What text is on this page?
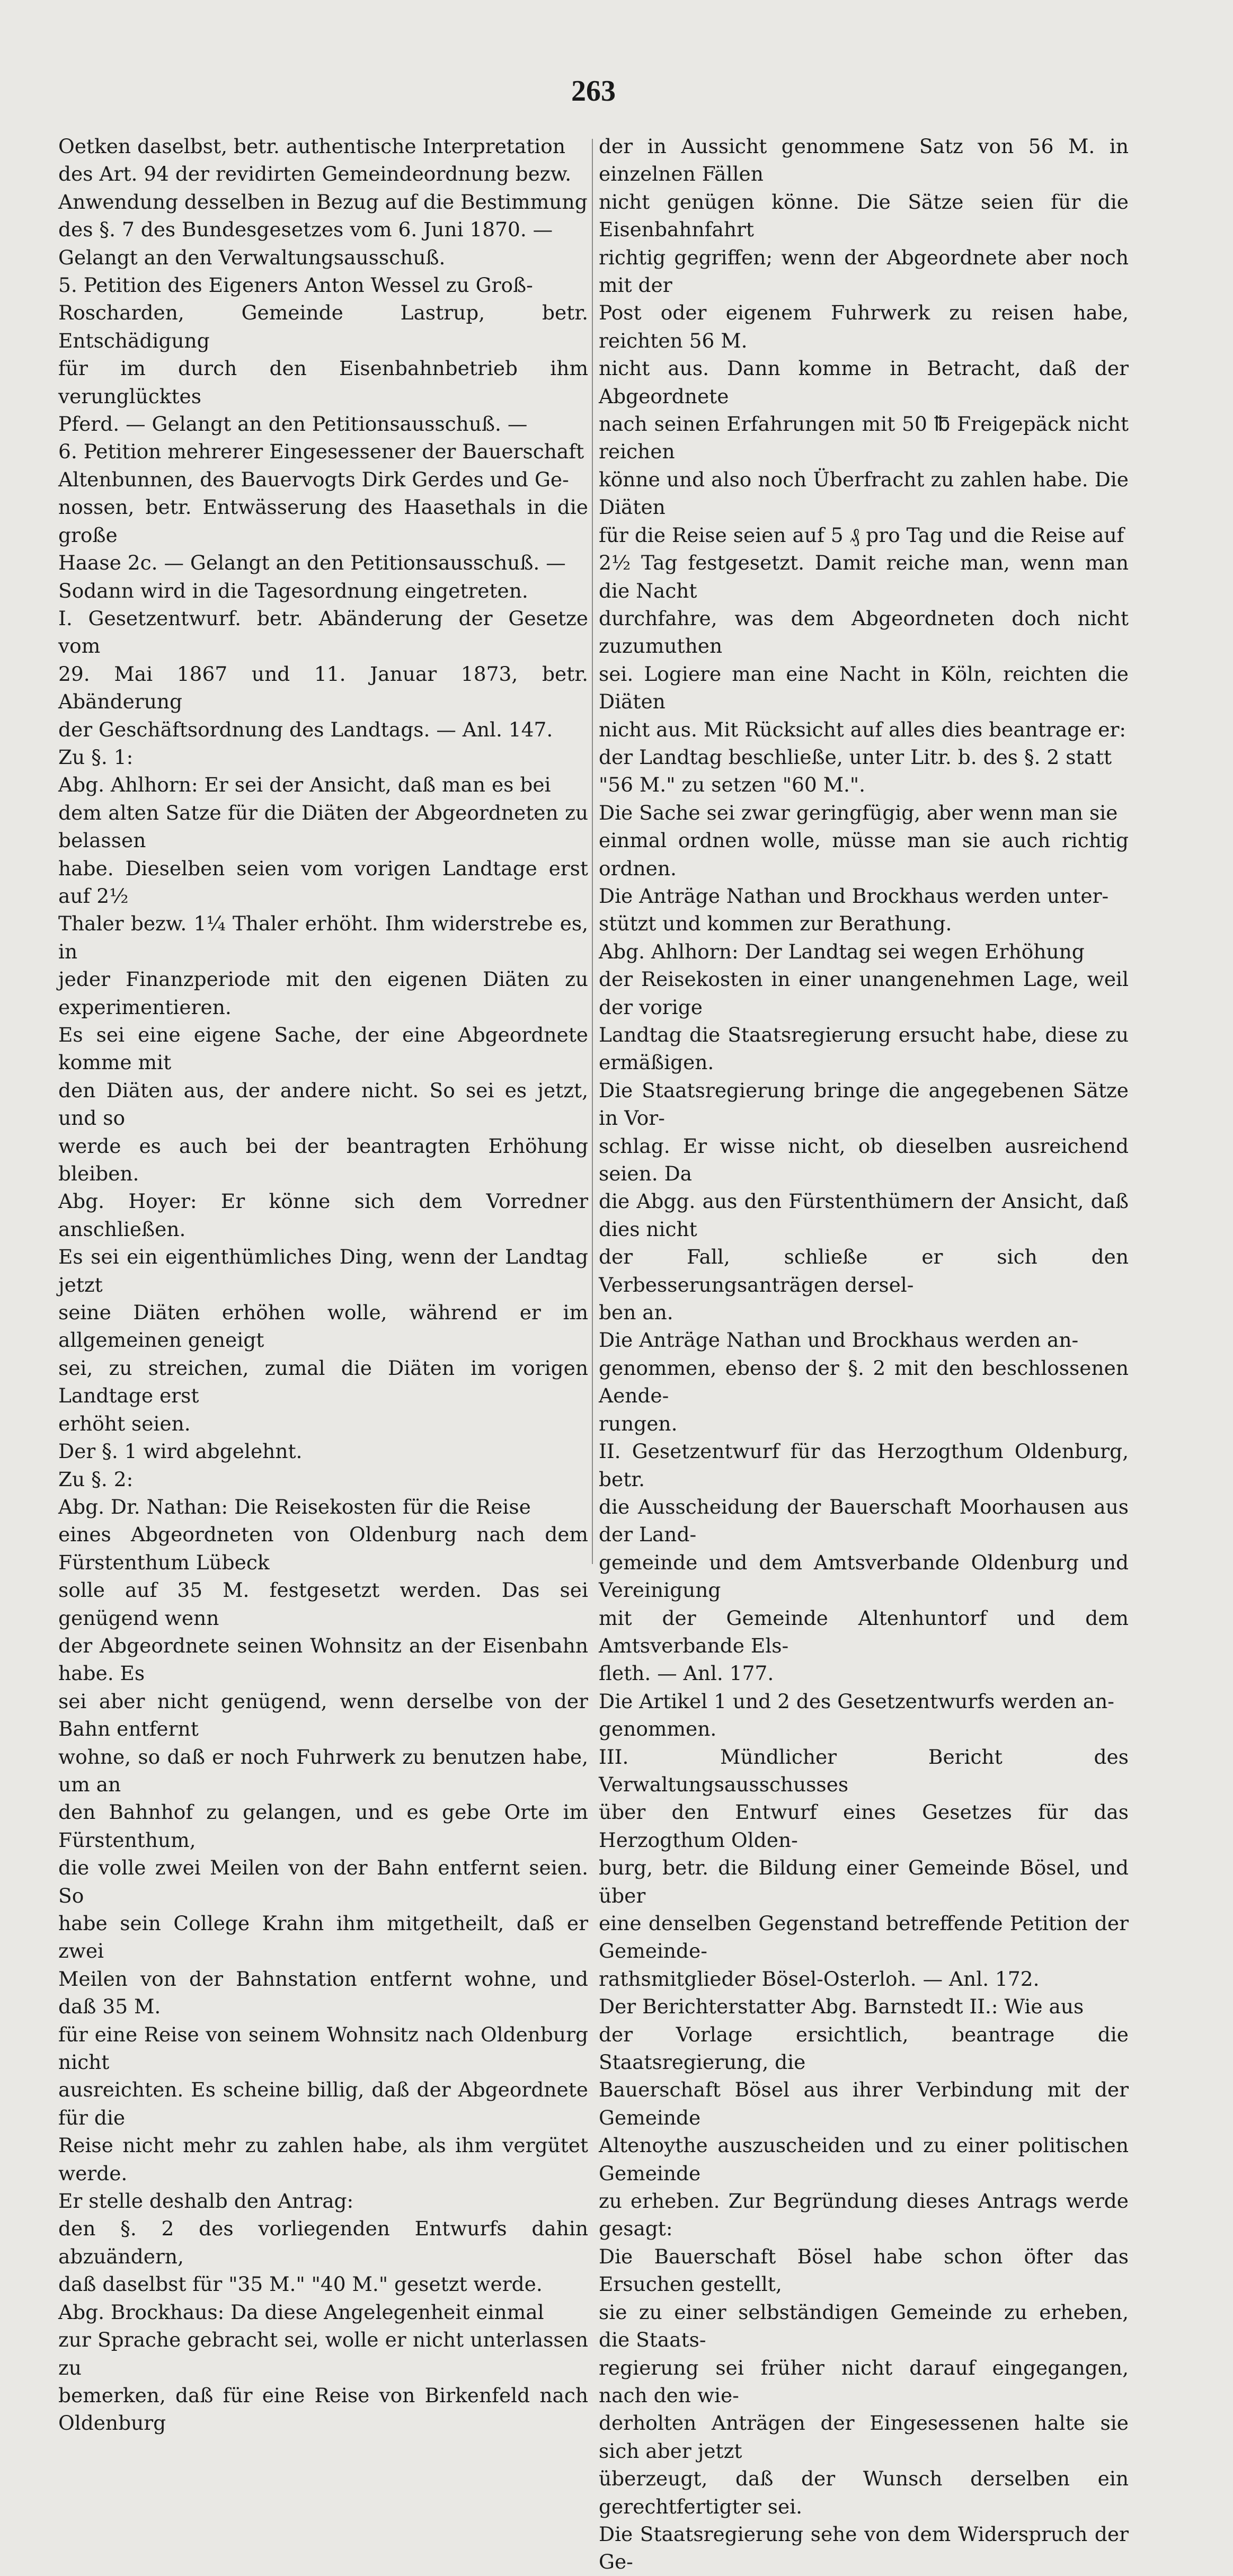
263
Oetken daselbst, betr. authentische Interpretation
des Art. 94 der revidirten Gemeindeordnung bezw.
Anwendung desselben in Bezug auf die Bestimmung
des §. 7 des Bundesgesetzes vom 6. Juni 1870. —
Gelangt an den Verwaltungsausschuß.
5. Petition des Eigeners Anton Wessel zu Groß-
Roscharden, Gemeinde Lastrup, betr. Entschädigung
für im durch den Eisenbahnbetrieb ihm verunglücktes
Pferd. — Gelangt an den Petitionsausschuß. —
6. Petition mehrerer Eingesessener der Bauerschaft
Altenbunnen, des Bauervogts Dirk Gerdes und Ge-
nossen, betr. Entwässerung des Haasethals in die große
Haase 2c. — Gelangt an den Petitionsausschuß. —
Sodann wird in die Tagesordnung eingetreten.
I. Gesetzentwurf. betr. Abänderung der Gesetze vom
29. Mai 1867 und 11. Januar 1873, betr. Abänderung
der Geschäftsordnung des Landtags. — Anl. 147.
Zu §. 1:
Abg. Ahlhorn: Er sei der Ansicht, daß man es bei
dem alten Satze für die Diäten der Abgeordneten zu belassen
habe. Dieselben seien vom vorigen Landtage erst auf 2½
Thaler bezw. 1¼ Thaler erhöht. Ihm widerstrebe es, in
jeder Finanzperiode mit den eigenen Diäten zu experimentieren.
Es sei eine eigene Sache, der eine Abgeordnete komme mit
den Diäten aus, der andere nicht. So sei es jetzt, und so
werde es auch bei der beantragten Erhöhung bleiben.
Abg. Hoyer: Er könne sich dem Vorredner anschließen.
Es sei ein eigenthümliches Ding, wenn der Landtag jetzt
seine Diäten erhöhen wolle, während er im allgemeinen geneigt
sei, zu streichen, zumal die Diäten im vorigen Landtage erst
erhöht seien.
Der §. 1 wird abgelehnt.
Zu §. 2:
Abg. Dr. Nathan: Die Reisekosten für die Reise
eines Abgeordneten von Oldenburg nach dem Fürstenthum Lübeck
solle auf 35 M. festgesetzt werden. Das sei genügend wenn
der Abgeordnete seinen Wohnsitz an der Eisenbahn habe. Es
sei aber nicht genügend, wenn derselbe von der Bahn entfernt
wohne, so daß er noch Fuhrwerk zu benutzen habe, um an
den Bahnhof zu gelangen, und es gebe Orte im Fürstenthum,
die volle zwei Meilen von der Bahn entfernt seien. So
habe sein College Krahn ihm mitgetheilt, daß er zwei
Meilen von der Bahnstation entfernt wohne, und daß 35 M.
für eine Reise von seinem Wohnsitz nach Oldenburg nicht
ausreichten. Es scheine billig, daß der Abgeordnete für die
Reise nicht mehr zu zahlen habe, als ihm vergütet werde.
Er stelle deshalb den Antrag:
den §. 2 des vorliegenden Entwurfs dahin abzuändern,
daß daselbst für "35 M." "40 M." gesetzt werde.
Abg. Brockhaus: Da diese Angelegenheit einmal
zur Sprache gebracht sei, wolle er nicht unterlassen zu
bemerken, daß für eine Reise von Birkenfeld nach Oldenburg
der in Aussicht genommene Satz von 56 M. in einzelnen Fällen
nicht genügen könne. Die Sätze seien für die Eisenbahnfahrt
richtig gegriffen; wenn der Abgeordnete aber noch mit der
Post oder eigenem Fuhrwerk zu reisen habe, reichten 56 M.
nicht aus. Dann komme in Betracht, daß der Abgeordnete
nach seinen Erfahrungen mit 50 ℔ Freigepäck nicht reichen
könne und also noch Überfracht zu zahlen habe. Die Diäten
für die Reise seien auf 5 ₰ pro Tag und die Reise auf
2½ Tag festgesetzt. Damit reiche man, wenn man die Nacht
durchfahre, was dem Abgeordneten doch nicht zuzumuthen
sei. Logiere man eine Nacht in Köln, reichten die Diäten
nicht aus. Mit Rücksicht auf alles dies beantrage er:
der Landtag beschließe, unter Litr. b. des §. 2 statt
"56 M." zu setzen "60 M.".
Die Sache sei zwar geringfügig, aber wenn man sie
einmal ordnen wolle, müsse man sie auch richtig ordnen.
Die Anträge Nathan und Brockhaus werden unter-
stützt und kommen zur Berathung.
Abg. Ahlhorn: Der Landtag sei wegen Erhöhung
der Reisekosten in einer unangenehmen Lage, weil der vorige
Landtag die Staatsregierung ersucht habe, diese zu ermäßigen.
Die Staatsregierung bringe die angegebenen Sätze in Vor-
schlag. Er wisse nicht, ob dieselben ausreichend seien. Da
die Abgg. aus den Fürstenthümern der Ansicht, daß dies nicht
der Fall, schließe er sich den Verbesserungsanträgen dersel-
ben an.
Die Anträge Nathan und Brockhaus werden an-
genommen, ebenso der §. 2 mit den beschlossenen Aende-
rungen.
II. Gesetzentwurf für das Herzogthum Oldenburg, betr.
die Ausscheidung der Bauerschaft Moorhausen aus der Land-
gemeinde und dem Amtsverbande Oldenburg und Vereinigung
mit der Gemeinde Altenhuntorf und dem Amtsverbande Els-
fleth. — Anl. 177.
Die Artikel 1 und 2 des Gesetzentwurfs werden an-
genommen.
III. Mündlicher Bericht des Verwaltungsausschusses
über den Entwurf eines Gesetzes für das Herzogthum Olden-
burg, betr. die Bildung einer Gemeinde Bösel, und über
eine denselben Gegenstand betreffende Petition der Gemeinde-
rathsmitglieder Bösel-Osterloh. — Anl. 172.
Der Berichterstatter Abg. Barnstedt II.: Wie aus
der Vorlage ersichtlich, beantrage die Staatsregierung, die
Bauerschaft Bösel aus ihrer Verbindung mit der Gemeinde
Altenoythe auszuscheiden und zu einer politischen Gemeinde
zu erheben. Zur Begründung dieses Antrags werde gesagt:
Die Bauerschaft Bösel habe schon öfter das Ersuchen gestellt,
sie zu einer selbständigen Gemeinde zu erheben, die Staats-
regierung sei früher nicht darauf eingegangen, nach den wie-
derholten Anträgen der Eingesessenen halte sie sich aber jetzt
überzeugt, daß der Wunsch derselben ein gerechtfertigter sei.
Die Staatsregierung sehe von dem Widerspruch der Ge-
